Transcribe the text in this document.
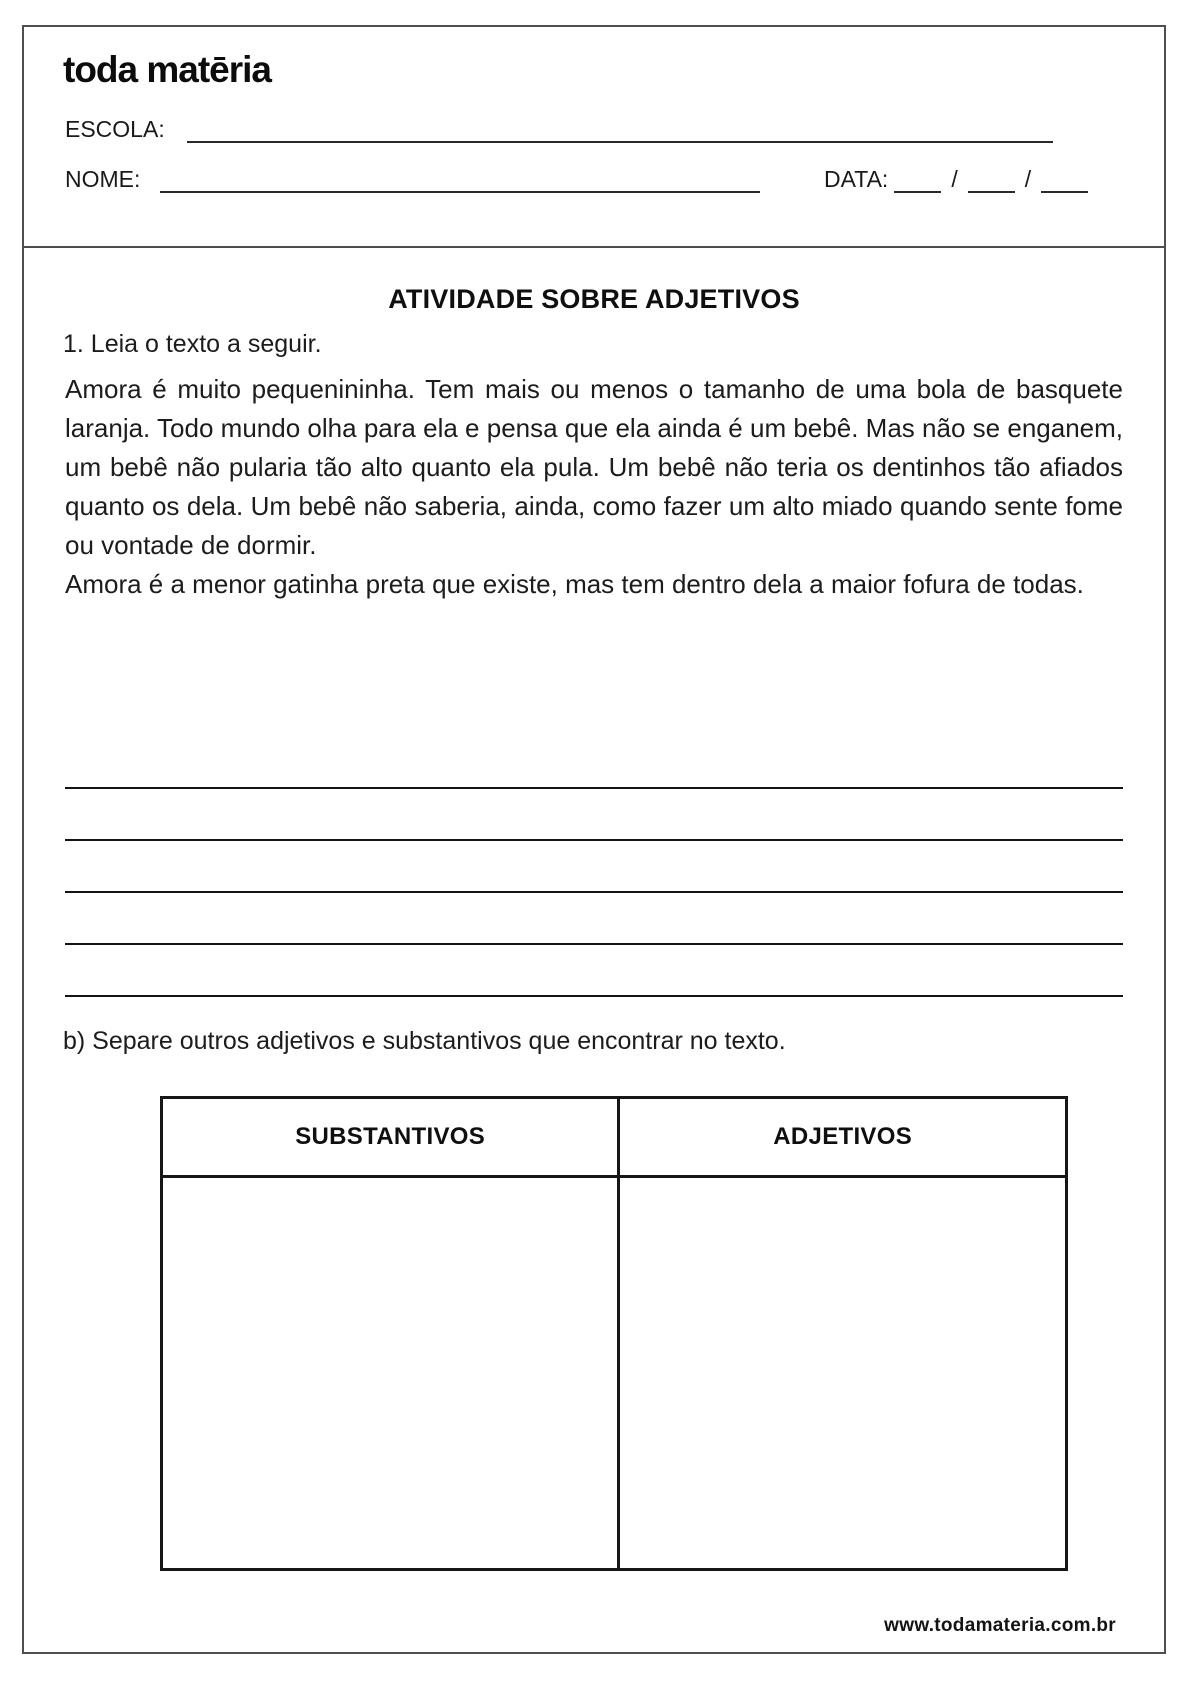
toda matēria
ESCOLA:
NOME:	DATA:	/	/
ATIVIDADE SOBRE ADJETIVOS
1. Leia o texto a seguir.

Amora é muito pequenininha. Tem mais ou menos o tamanho de uma bola de basquete laranja. Todo mundo olha para ela e pensa que ela ainda é um bebê. Mas não se enganem, um bebê não pularia tão alto quanto ela pula. Um bebê não teria os dentinhos tão afiados quanto os dela. Um bebê não saberia, ainda, como fazer um alto miado quando sente fome ou vontade de dormir.

Amora é a menor gatinha preta que existe, mas tem dentro dela a maior fofura de todas.

b) Separe outros adjetivos e substantivos que encontrar no texto.
SUBSTANTIVOS	ADJETIVOS
www.todamateria.com.br
